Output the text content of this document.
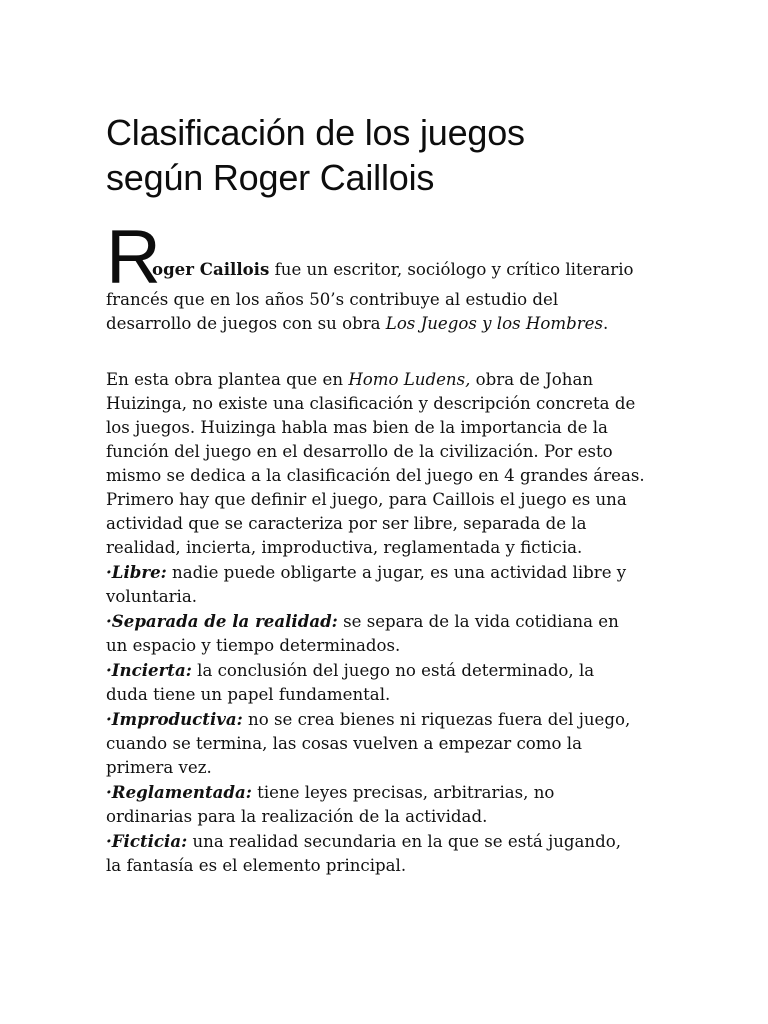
Clasificación de los juegos
según Roger Caillois
R
oger Caillois fue un escritor, sociólogo y crítico literario
francés que en los años 50’s contribuye al estudio del
desarrollo de juegos con su obra Los Juegos y los Hombres.
En esta obra plantea que en Homo Ludens, obra de Johan
Huizinga, no existe una clasificación y descripción concreta de
los juegos. Huizinga habla mas bien de la importancia de la
función del juego en el desarrollo de la civilización. Por esto
mismo se dedica a la clasificación del juego en 4 grandes áreas.
Primero hay que definir el juego, para Caillois el juego es una
actividad que se caracteriza por ser libre, separada de la
realidad, incierta, improductiva, reglamentada y ficticia.
·Libre: nadie puede obligarte a jugar, es una actividad libre y
voluntaria.
·Separada de la realidad: se separa de la vida cotidiana en
un espacio y tiempo determinados.
·Incierta: la conclusión del juego no está determinado, la
duda tiene un papel fundamental.
·Improductiva: no se crea bienes ni riquezas fuera del juego,
cuando se termina, las cosas vuelven a empezar como la
primera vez.
·Reglamentada: tiene leyes precisas, arbitrarias, no
ordinarias para la realización de la actividad.
·Ficticia: una realidad secundaria en la que se está jugando,
la fantasía es el elemento principal.
